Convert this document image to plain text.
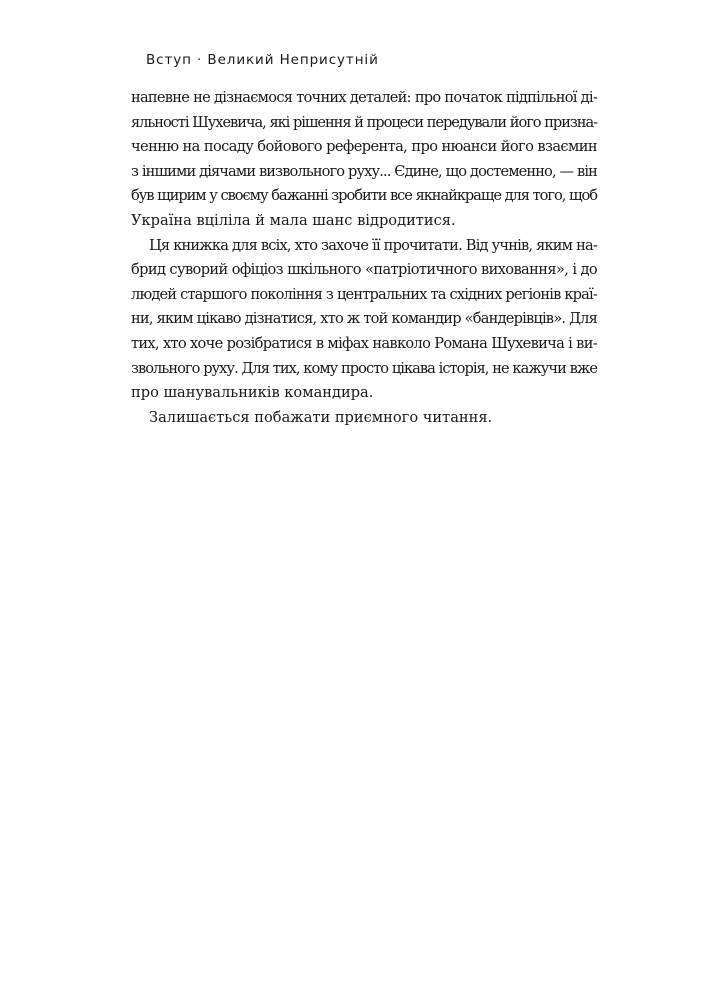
Вступ · Великий Неприсутній
напевне не дізнаємося точних деталей: про початок підпільної ді-
яльності Шухевича, які рішення й процеси передували його призна-
ченню на посаду бойового референта, про нюанси його взаємин
з іншими діячами визвольного руху... Єдине, що достеменно, — він
був щирим у своєму бажанні зробити все якнайкраще для того, щоб
Україна вціліла й мала шанс відродитися.
Ця книжка для всіх, хто захоче її прочитати. Від учнів, яким на-
брид суворий офіціоз шкільного «патріотичного виховання», і до
людей старшого покоління з центральних та східних регіонів краї-
ни, яким цікаво дізнатися, хто ж той командир «бандерівців». Для
тих, хто хоче розібратися в міфах навколо Романа Шухевича і ви-
звольного руху. Для тих, кому просто цікава історія, не кажучи вже
про шанувальників командира.
Залишається побажати приємного читання.
